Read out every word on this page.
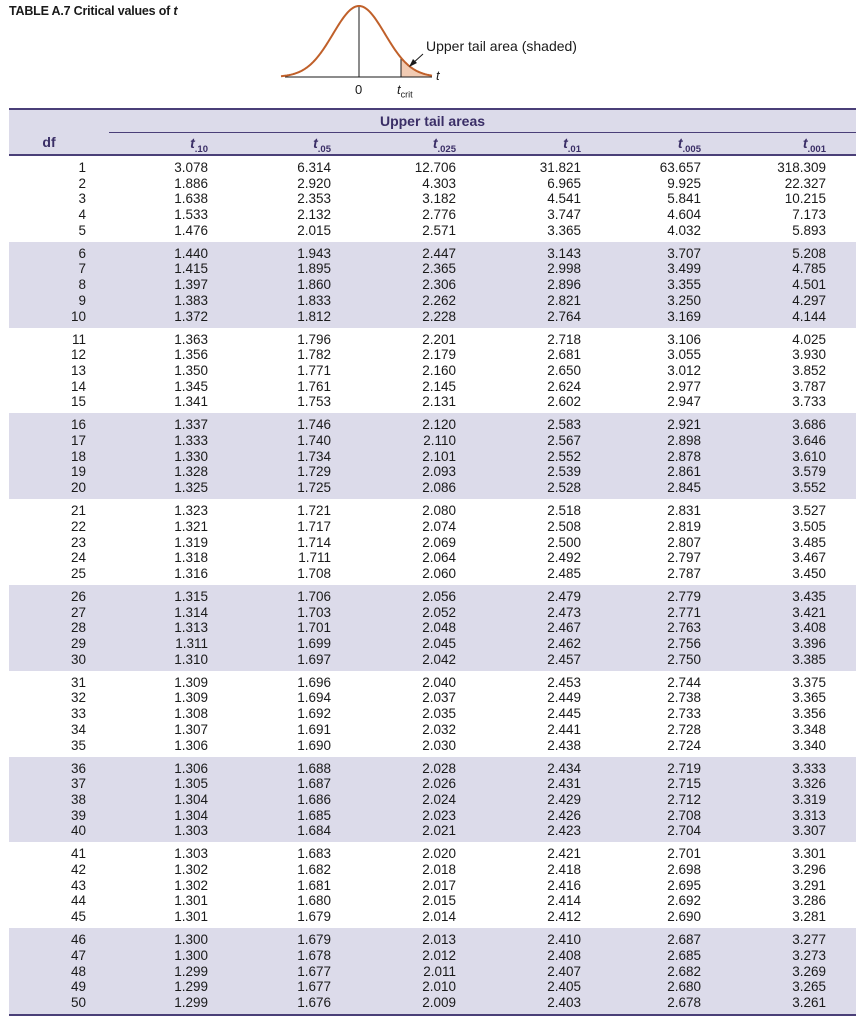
TABLE A.7 Critical values of t
Upper tail area (shaded)
t
0	$t_{crit}$
Upper tail areas
df	$t_{.10}$	$t_{.05}$	$t_{.025}$	$t_{.01}$	$t_{.005}$	$t_{.001}$
1	3.078	6.314	12.706	31.821	63.657	318.309
2	1.886	2.920	4.303	6.965	9.925	22.327
3	1.638	2.353	3.182	4.541	5.841	10.215
4	1.533	2.132	2.776	3.747	4.604	7.173
5	1.476	2.015	2.571	3.365	4.032	5.893
6	1.440	1.943	2.447	3.143	3.707	5.208
7	1.415	1.895	2.365	2.998	3.499	4.785
8	1.397	1.860	2.306	2.896	3.355	4.501
9	1.383	1.833	2.262	2.821	3.250	4.297
10	1.372	1.812	2.228	2.764	3.169	4.144
11	1.363	1.796	2.201	2.718	3.106	4.025
12	1.356	1.782	2.179	2.681	3.055	3.930
13	1.350	1.771	2.160	2.650	3.012	3.852
14	1.345	1.761	2.145	2.624	2.977	3.787
15	1.341	1.753	2.131	2.602	2.947	3.733
16	1.337	1.746	2.120	2.583	2.921	3.686
17	1.333	1.740	2.110	2.567	2.898	3.646
18	1.330	1.734	2.101	2.552	2.878	3.610
19	1.328	1.729	2.093	2.539	2.861	3.579
20	1.325	1.725	2.086	2.528	2.845	3.552
21	1.323	1.721	2.080	2.518	2.831	3.527
22	1.321	1.717	2.074	2.508	2.819	3.505
23	1.319	1.714	2.069	2.500	2.807	3.485
24	1.318	1.711	2.064	2.492	2.797	3.467
25	1.316	1.708	2.060	2.485	2.787	3.450
26	1.315	1.706	2.056	2.479	2.779	3.435
27	1.314	1.703	2.052	2.473	2.771	3.421
28	1.313	1.701	2.048	2.467	2.763	3.408
29	1.311	1.699	2.045	2.462	2.756	3.396
30	1.310	1.697	2.042	2.457	2.750	3.385
31	1.309	1.696	2.040	2.453	2.744	3.375
32	1.309	1.694	2.037	2.449	2.738	3.365
33	1.308	1.692	2.035	2.445	2.733	3.356
34	1.307	1.691	2.032	2.441	2.728	3.348
35	1.306	1.690	2.030	2.438	2.724	3.340
36	1.306	1.688	2.028	2.434	2.719	3.333
37	1.305	1.687	2.026	2.431	2.715	3.326
38	1.304	1.686	2.024	2.429	2.712	3.319
39	1.304	1.685	2.023	2.426	2.708	3.313
40	1.303	1.684	2.021	2.423	2.704	3.307
41	1.303	1.683	2.020	2.421	2.701	3.301
42	1.302	1.682	2.018	2.418	2.698	3.296
43	1.302	1.681	2.017	2.416	2.695	3.291
44	1.301	1.680	2.015	2.414	2.692	3.286
45	1.301	1.679	2.014	2.412	2.690	3.281
46	1.300	1.679	2.013	2.410	2.687	3.277
47	1.300	1.678	2.012	2.408	2.685	3.273
48	1.299	1.677	2.011	2.407	2.682	3.269
49	1.299	1.677	2.010	2.405	2.680	3.265
50	1.299	1.676	2.009	2.403	2.678	3.261
